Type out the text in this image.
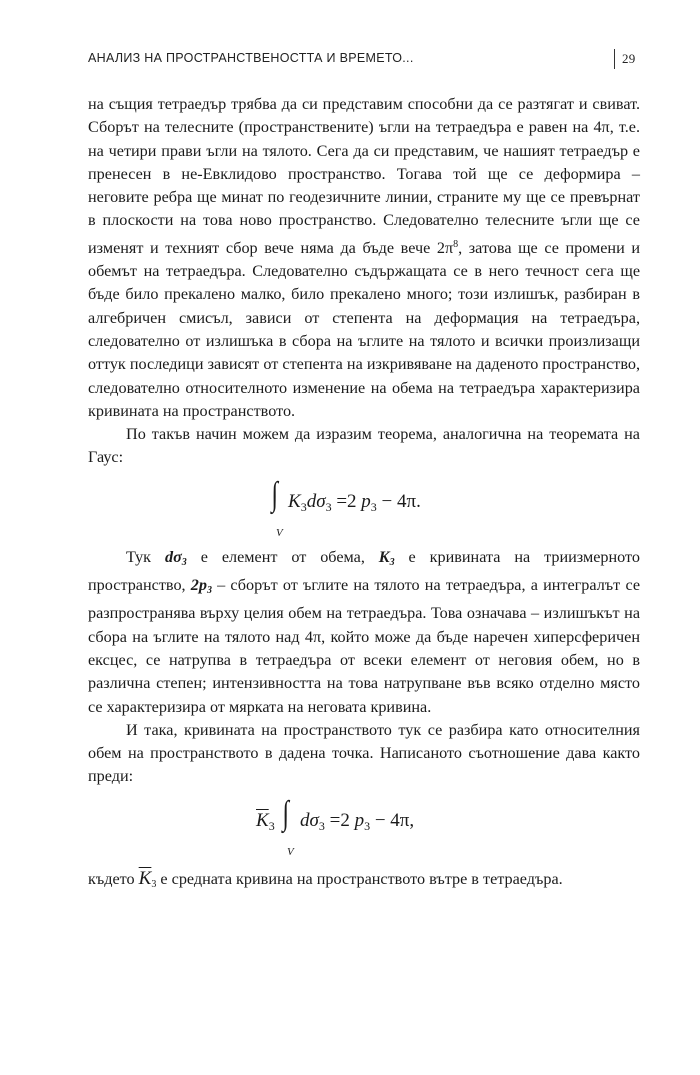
АНАЛИЗ НА ПРОСТРАНСТВЕНОСТТА И ВРЕМЕТО...	29

на същия тетраедър трябва да си представим способни да се разтягат и свиват. Сборът на телесните (пространствените) ъгли на тетраедъра е равен на 4π, т.е. на четири прави ъгли на тялото. Сега да си представим, че нашият тетраедър е пренесен в не-Евклидово пространство. Тогава той ще се деформира – неговите ребра ще минат по геодезичните линии, страните му ще се превърнат в плоскости на това ново пространство. Следователно телесните ъгли ще се изменят и техният сбор вече няма да бъде вече $2\pi^8$, затова ще се промени и обемът на тетраедъра. Следователно съдържащата се в него течност сега ще бъде било прекалено малко, било прекалено много; този излишък, разбиран в алгебричен смисъл, зависи от степента на деформация на тетраедъра, следователно от излишъка в сбора на ъглите на тялото и всички произлизащи оттук последици зависят от степента на изкривяване на даденото пространство, следователно относителното изменение на обема на тетраедъра характеризира кривината на пространството.

По такъв начин можем да изразим теорема, аналогична на теоремата на Гаус:

∫
V
$K_3d\sigma_3 =2$ $p_3 - 4\pi$.

Тук dσ3 е елемент от обема, K3 е кривината на триизмерното пространство, 2p3 – сборът от ъглите на тялото на тетраедъра, а интегралът се разпространява върху целия обем на тетраедъра. Това означава – излишъкът на сбора на ъглите на тялото над 4π, който може да бъде наречен хиперсферичен ексцес, се натрупва в тетраедъра от всеки елемент от неговия обем, но в различна степен; интензивността на това натрупване във всяко отделно място се характеризира от мярката на неговата кривина.

И така, кривината на пространството тук се разбира като относителния обем на пространството в дадена точка. Написаното съотношение дава както преди:

$\overline{K}_3$ ∫
V
$d\sigma_3 =2$ $p_3 - 4\pi$,

където $\overline{K}3$ е средната кривина на пространството вътре в тетраедъра.
